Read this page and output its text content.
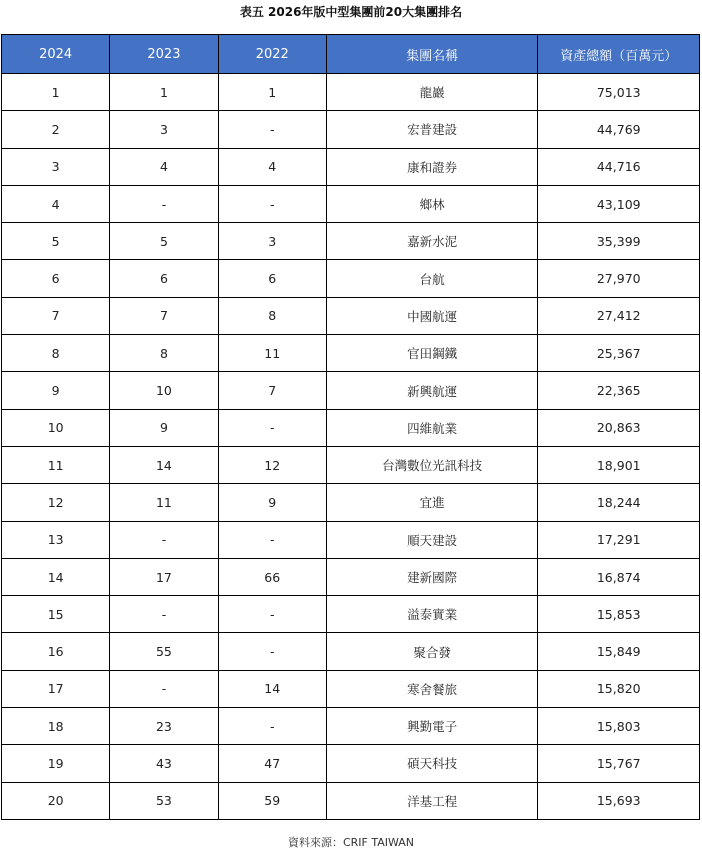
表五 2026年版中型集團前20大集團排名
2024	2023	2022	集團名稱	資產總額（百萬元）
1	1	1	龍巖	75,013
2	3	-	宏普建設	44,769
3	4	4	康和證券	44,716
4	-	-	鄉林	43,109
5	5	3	嘉新水泥	35,399
6	6	6	台航	27,970
7	7	8	中國航運	27,412
8	8	11	官田鋼鐵	25,367
9	10	7	新興航運	22,365
10	9	-	四維航業	20,863
11	14	12	台灣數位光訊科技	18,901
12	11	9	宜進	18,244
13	-	-	順天建設	17,291
14	17	66	建新國際	16,874
15	-	-	溢泰實業	15,853
16	55	-	聚合發	15,849
17	-	14	寒舍餐旅	15,820
18	23	-	興勤電子	15,803
19	43	47	碩天科技	15,767
20	53	59	洋基工程	15,693
資料來源：CRIF TAIWAN
